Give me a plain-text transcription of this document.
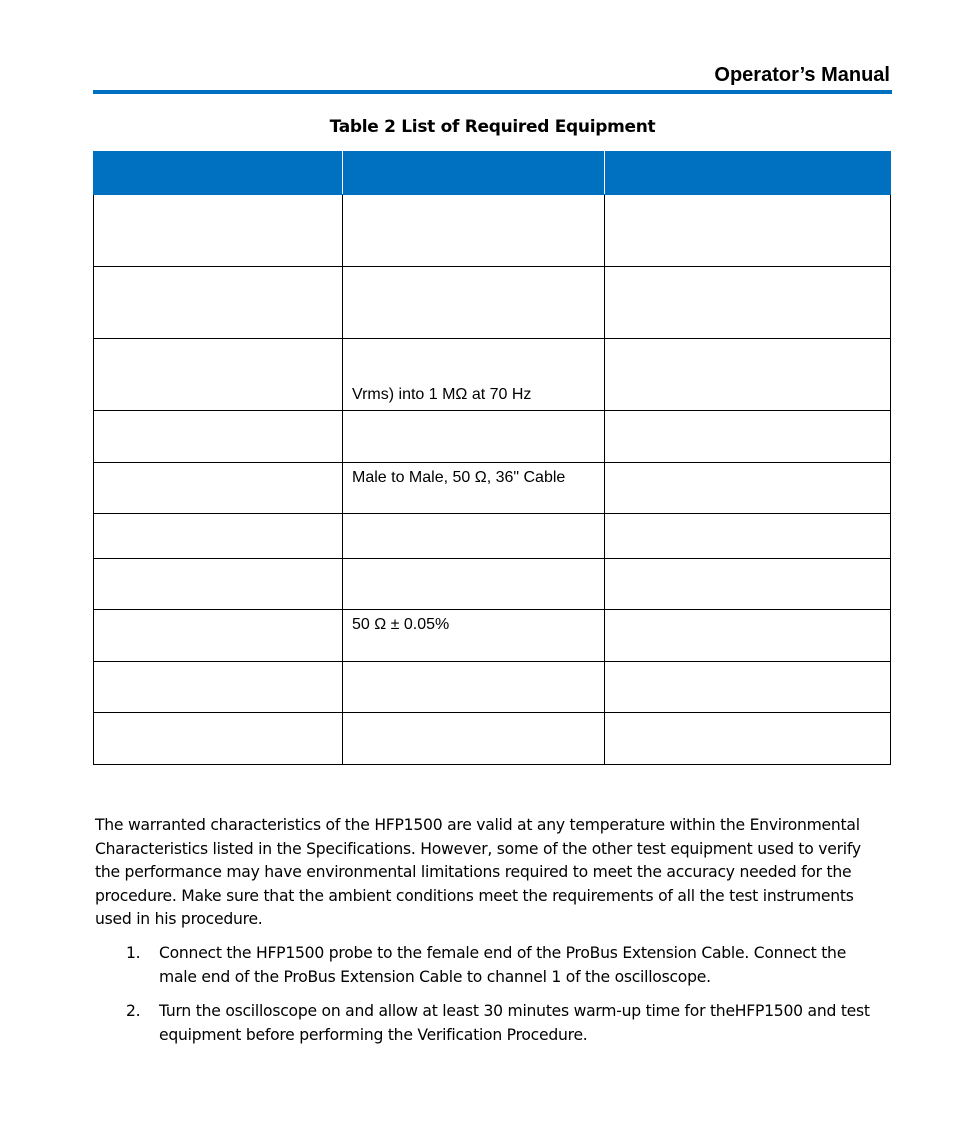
Operator’s Manual
Table 2 List of Required Equipment

	Vrms) into 1 MΩ at 70 Hz	

	Male to Male, 50 Ω, 36" Cable	

	50 Ω ± 0.05%	

The warranted characteristics of the HFP1500 are valid at any temperature within the Environmental Characteristics listed in the Specifications. However, some of the other test equipment used to verify the performance may have environmental limitations required to meet the accuracy needed for the procedure. Make sure that the ambient conditions meet the requirements of all the test instruments used in his procedure.

1.	Connect the HFP1500 probe to the female end of the ProBus Extension Cable. Connect the male end of the ProBus Extension Cable to channel 1 of the oscilloscope.
2.	Turn the oscilloscope on and allow at least 30 minutes warm-up time for theHFP1500 and test equipment before performing the Verification Procedure.
